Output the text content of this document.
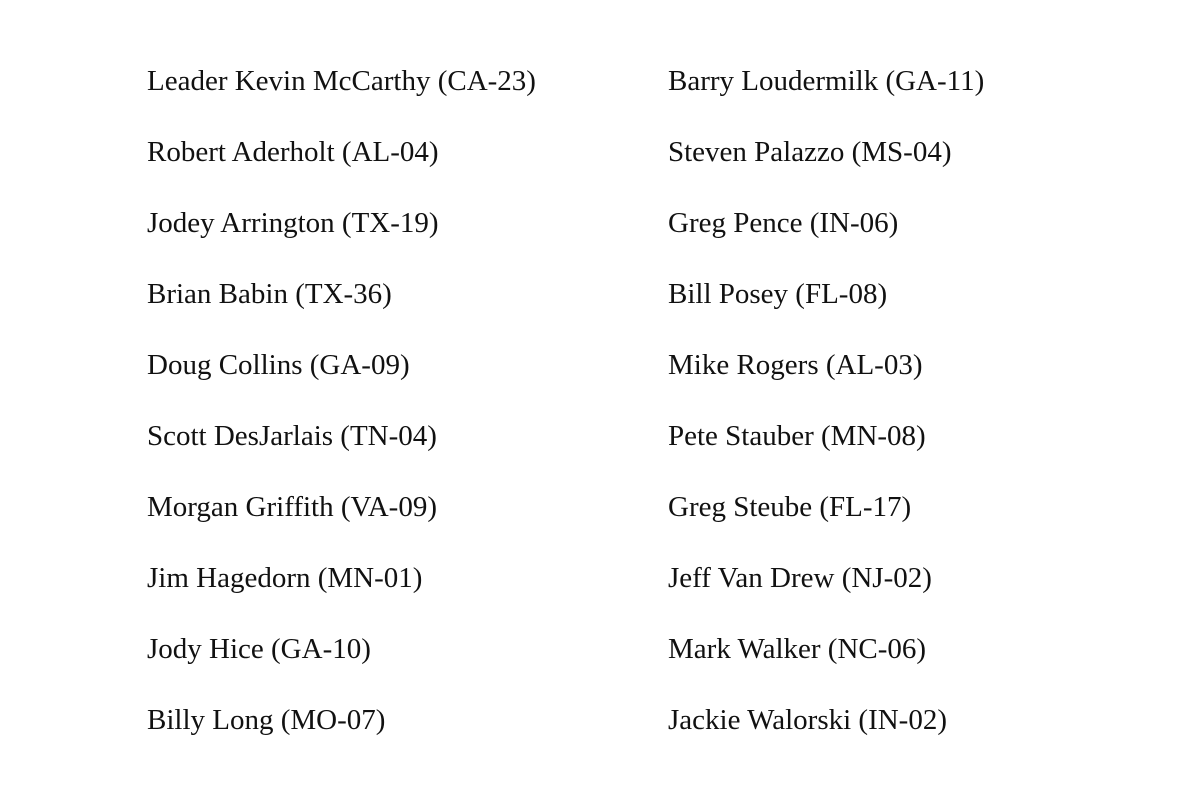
Leader Kevin McCarthy (CA-23)
Robert Aderholt (AL-04)
Jodey Arrington (TX-19)
Brian Babin (TX-36)
Doug Collins (GA-09)
Scott DesJarlais (TN-04)
Morgan Griffith (VA-09)
Jim Hagedorn (MN-01)
Jody Hice (GA-10)
Billy Long (MO-07)
Barry Loudermilk (GA-11)
Steven Palazzo (MS-04)
Greg Pence (IN-06)
Bill Posey (FL-08)
Mike Rogers (AL-03)
Pete Stauber (MN-08)
Greg Steube (FL-17)
Jeff Van Drew (NJ-02)
Mark Walker (NC-06)
Jackie Walorski (IN-02)
